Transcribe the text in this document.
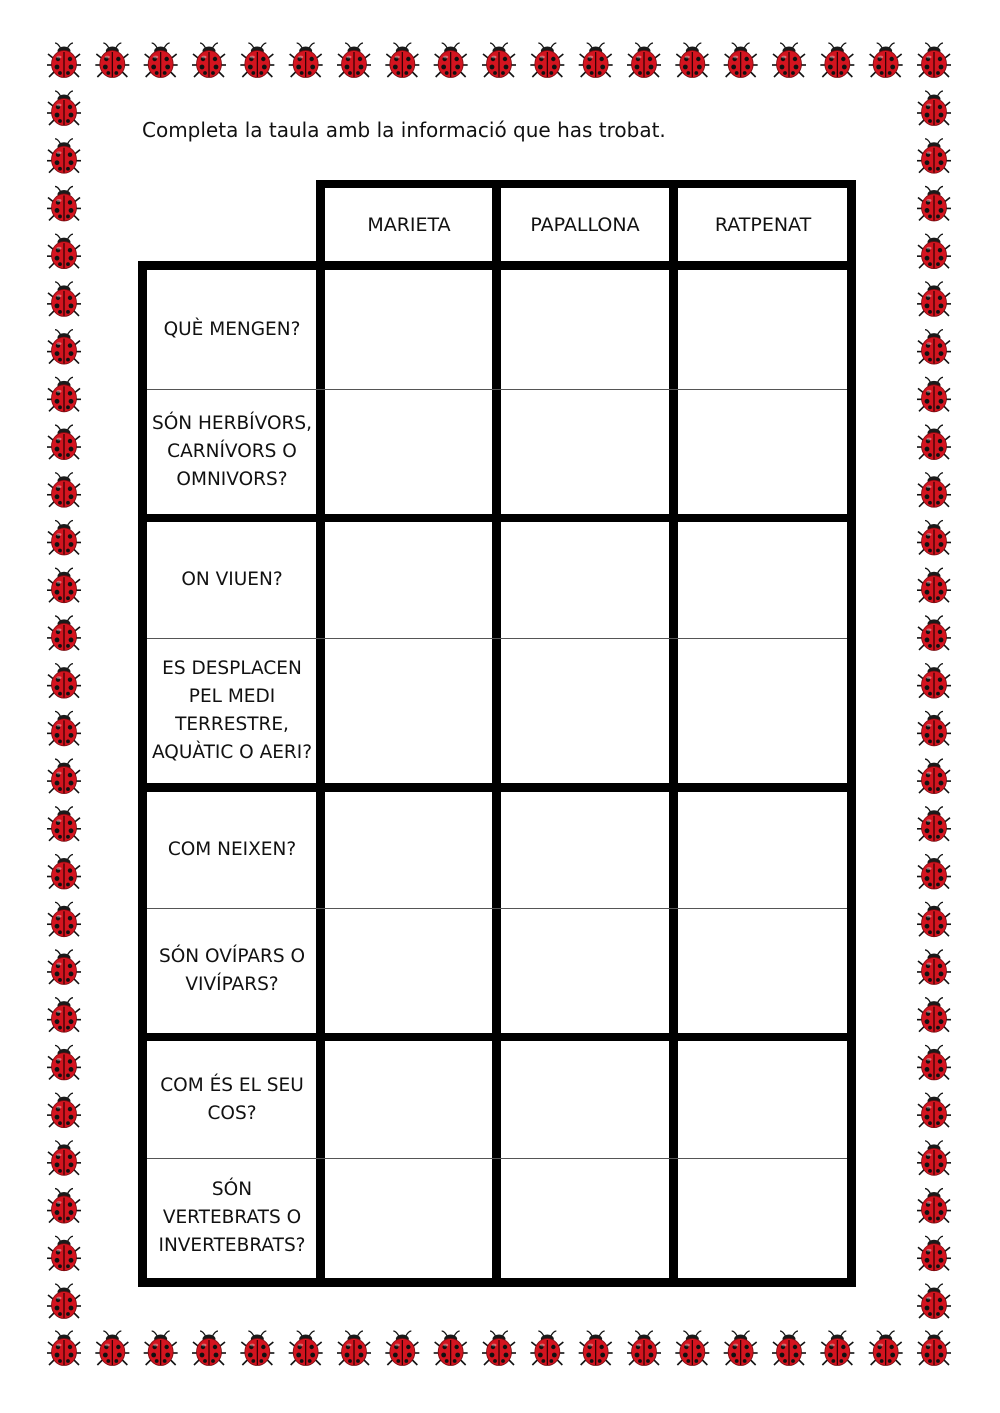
Completa la taula amb la informació que has trobat.

MARIETA	PAPALLONA	RATPENAT
QUÈ MENGEN?
SÓN HERBÍVORS, CARNÍVORS O OMNIVORS?
ON VIUEN?
ES DESPLACEN PEL MEDI TERRESTRE, AQUÀTIC O AERI?
COM NEIXEN?
SÓN OVÍPARS O VIVÍPARS?
COM ÉS EL SEU COS?
SÓN VERTEBRATS O INVERTEBRATS?
